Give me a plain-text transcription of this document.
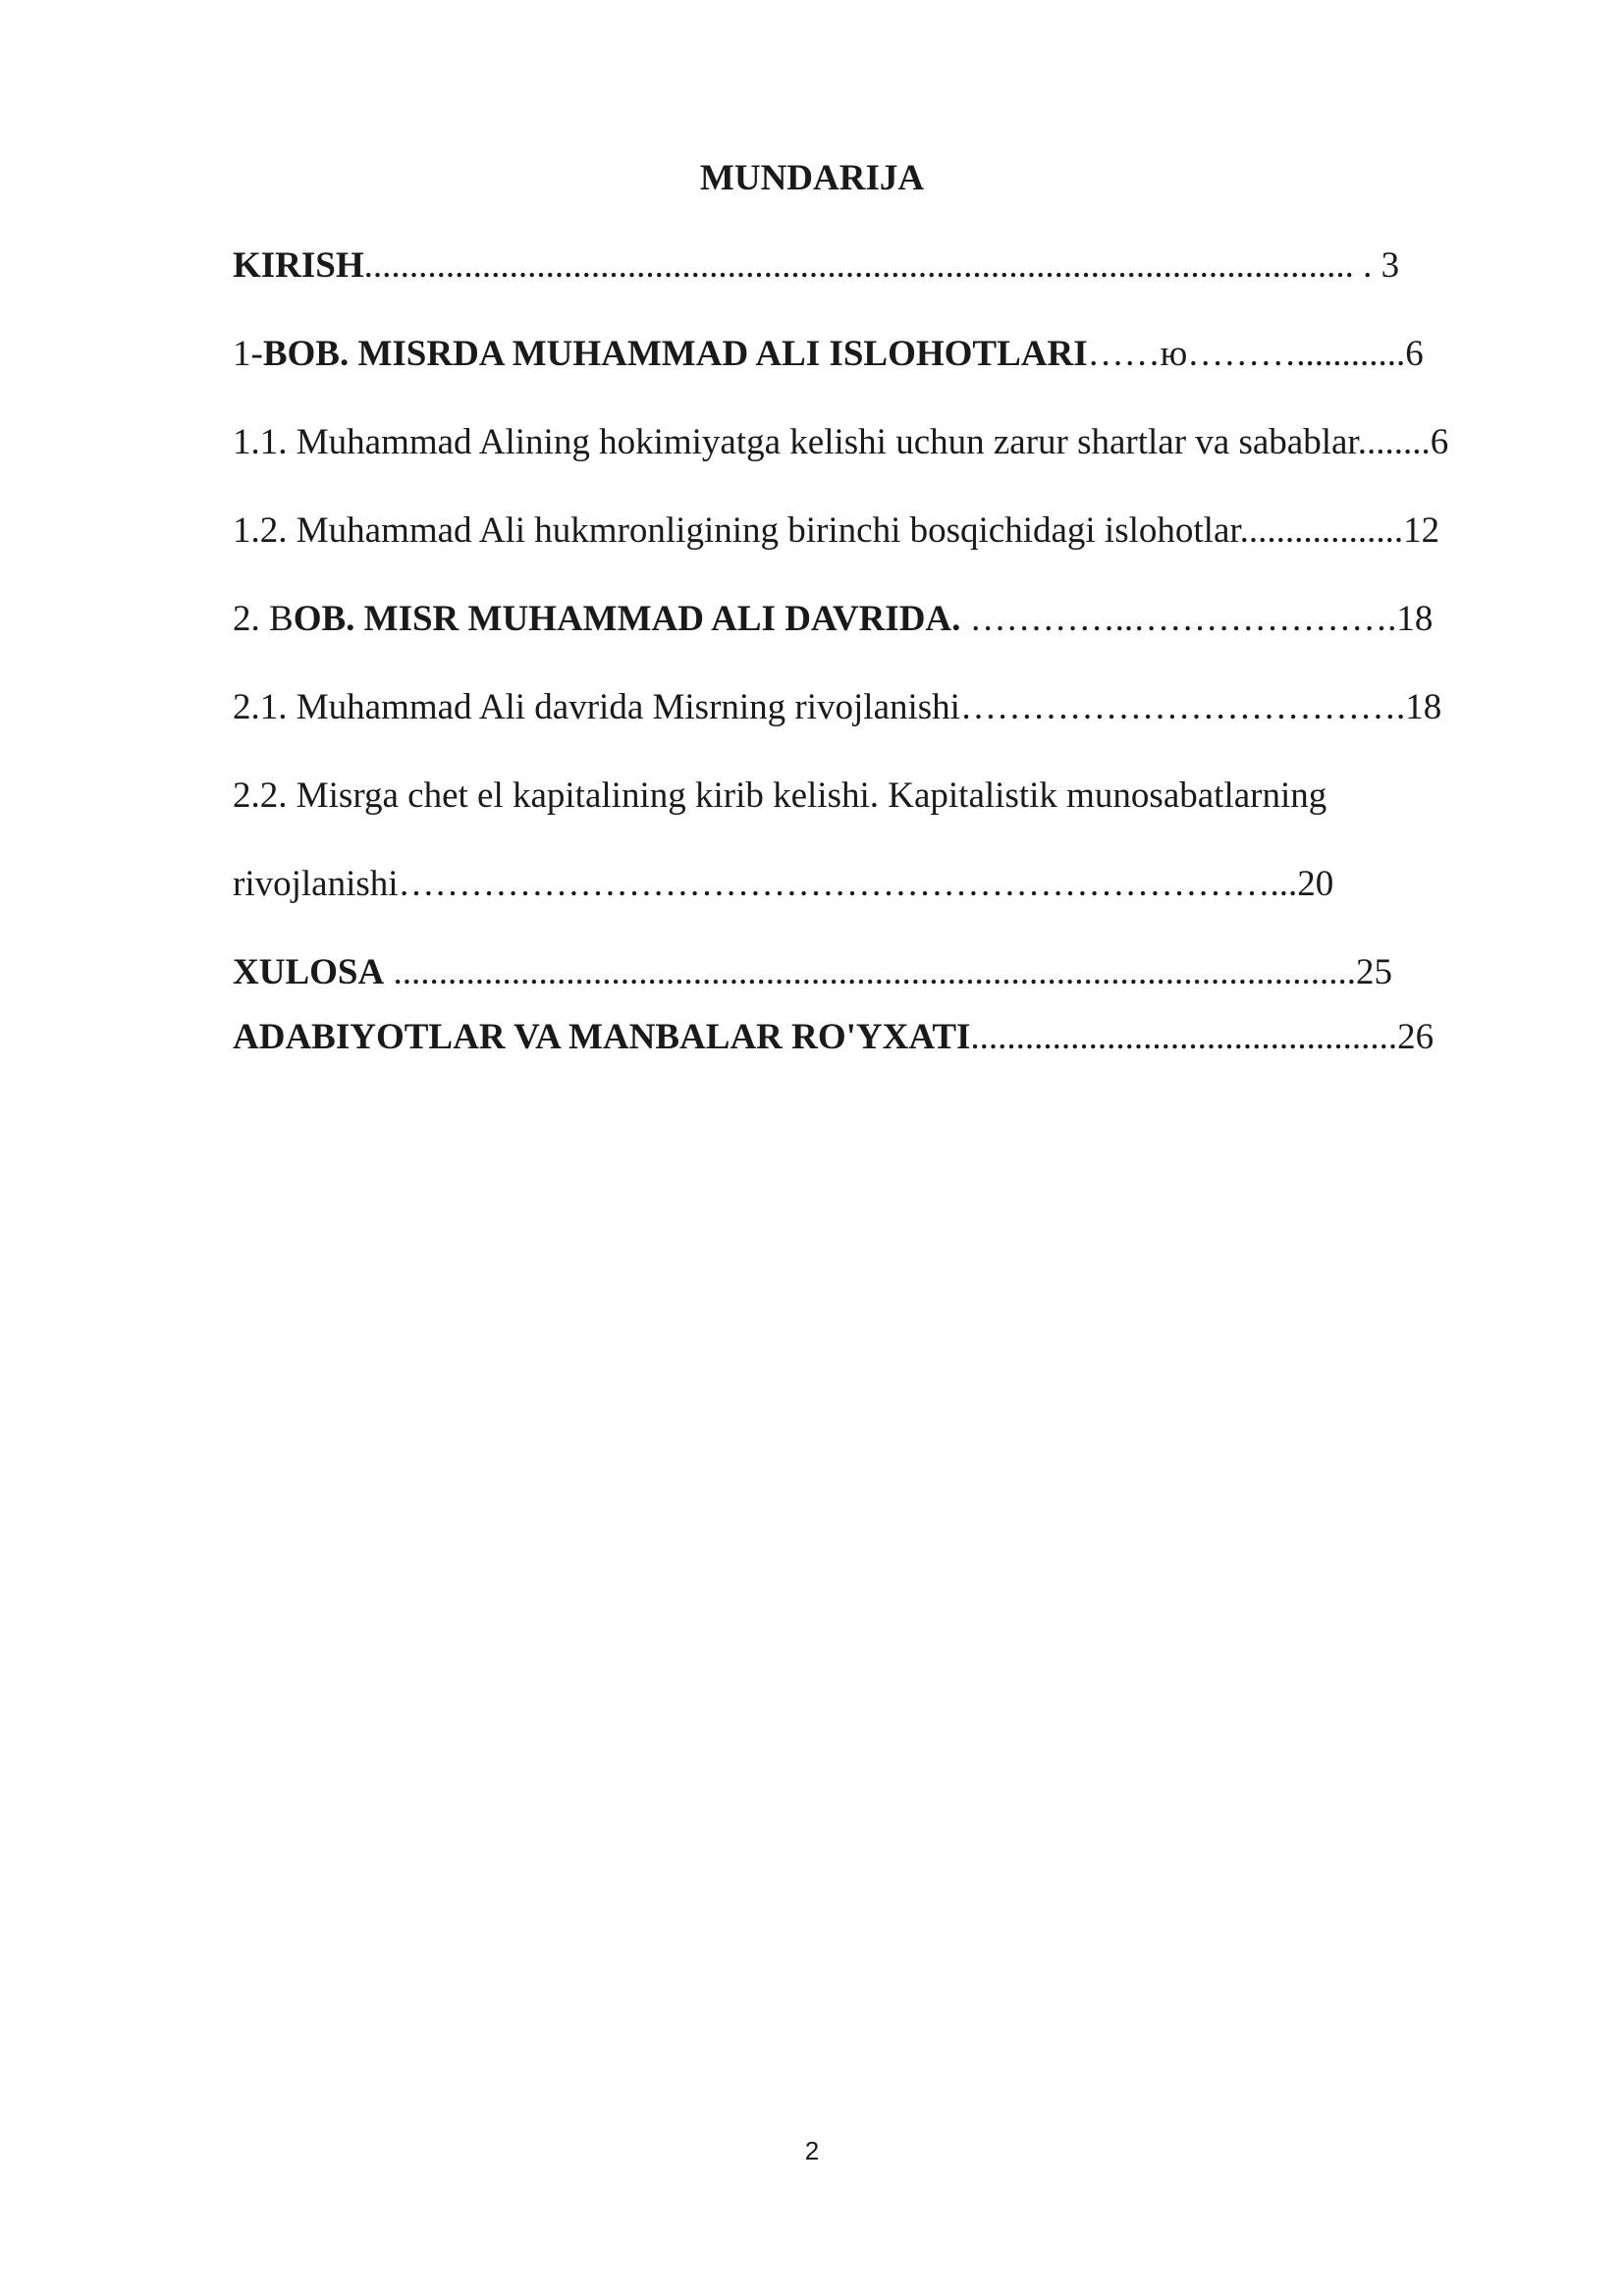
MUNDARIJA
KIRISH............................................................................................................. . 3
1-BOB. MISRDA MUHAMMAD ALI ISLOHOTLARI……ю………............6
1.1. Muhammad Alining hokimiyatga kelishi uchun zarur shartlar va sabablar........6
1.2. Muhammad Ali hukmronligining birinchi bosqichidagi islohotlar..................12
2. BOB. MISR MUHAMMAD ALI DAVRIDA. …………..………………….18
2.1. Muhammad Ali davrida Misrning rivojlanishi……………………………….18
2.2. Misrga chet el kapitalining kirib kelishi. Kapitalistik munosabatlarning
rivojlanishi………………………………………………………………...20
XULOSA ..........................................................................................................25
ADABIYOTLAR VA MANBALAR RO'YXATI...............................................26
2
